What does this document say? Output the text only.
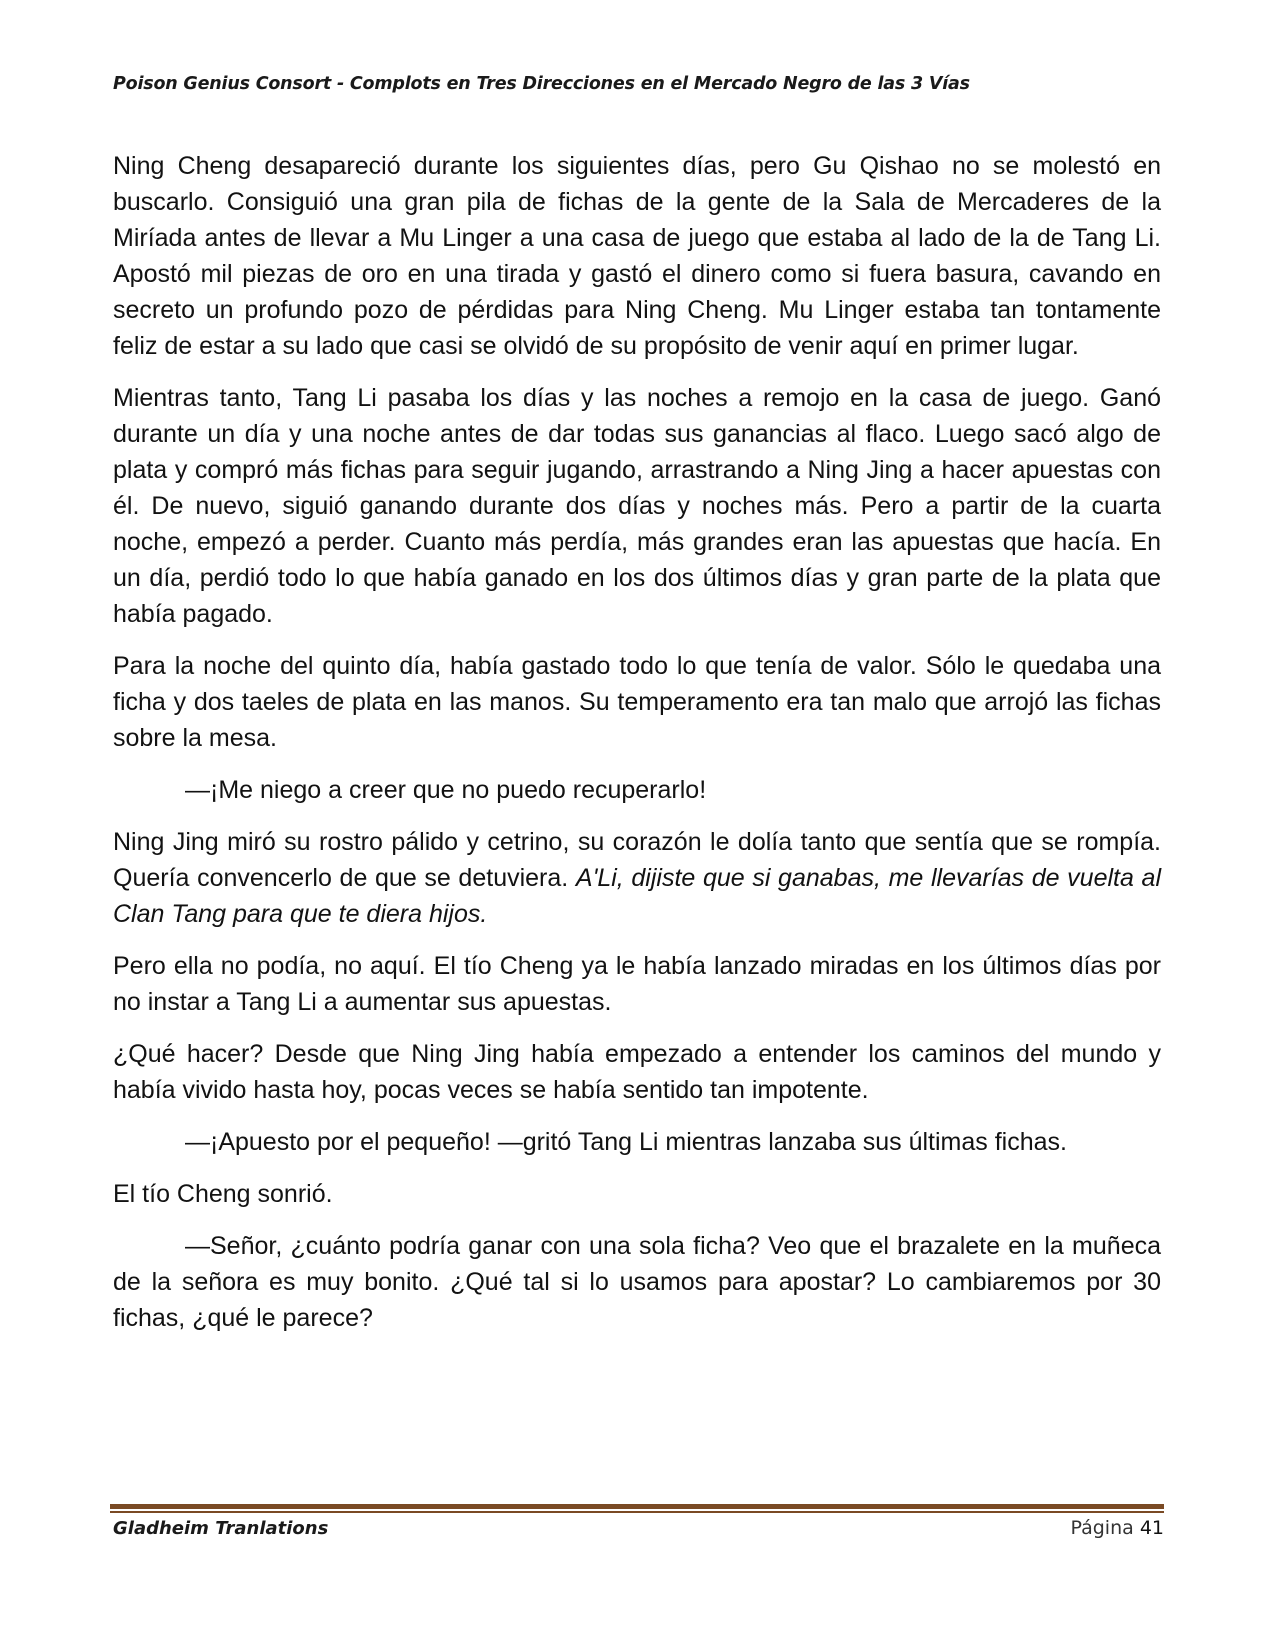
Poison Genius Consort - Complots en Tres Direcciones en el Mercado Negro de las 3 Vías

Ning Cheng desapareció durante los siguientes días, pero Gu Qishao no se molestó en buscarlo. Consiguió una gran pila de fichas de la gente de la Sala de Mercaderes de la Miríada antes de llevar a Mu Linger a una casa de juego que estaba al lado de la de Tang Li. Apostó mil piezas de oro en una tirada y gastó el dinero como si fuera basura, cavando en secreto un profundo pozo de pérdidas para Ning Cheng. Mu Linger estaba tan tontamente feliz de estar a su lado que casi se olvidó de su propósito de venir aquí en primer lugar.

Mientras tanto, Tang Li pasaba los días y las noches a remojo en la casa de juego. Ganó durante un día y una noche antes de dar todas sus ganancias al flaco. Luego sacó algo de plata y compró más fichas para seguir jugando, arrastrando a Ning Jing a hacer apuestas con él. De nuevo, siguió ganando durante dos días y noches más. Pero a partir de la cuarta noche, empezó a perder. Cuanto más perdía, más grandes eran las apuestas que hacía. En un día, perdió todo lo que había ganado en los dos últimos días y gran parte de la plata que había pagado.

Para la noche del quinto día, había gastado todo lo que tenía de valor. Sólo le quedaba una ficha y dos taeles de plata en las manos. Su temperamento era tan malo que arrojó las fichas sobre la mesa.

—¡Me niego a creer que no puedo recuperarlo!

Ning Jing miró su rostro pálido y cetrino, su corazón le dolía tanto que sentía que se rompía. Quería convencerlo de que se detuviera. A'Li, dijiste que si ganabas, me llevarías de vuelta al Clan Tang para que te diera hijos.

Pero ella no podía, no aquí. El tío Cheng ya le había lanzado miradas en los últimos días por no instar a Tang Li a aumentar sus apuestas.

¿Qué hacer? Desde que Ning Jing había empezado a entender los caminos del mundo y había vivido hasta hoy, pocas veces se había sentido tan impotente.

—¡Apuesto por el pequeño! —gritó Tang Li mientras lanzaba sus últimas fichas.

El tío Cheng sonrió.

—Señor, ¿cuánto podría ganar con una sola ficha? Veo que el brazalete en la muñeca de la señora es muy bonito. ¿Qué tal si lo usamos para apostar? Lo cambiaremos por 30 fichas, ¿qué le parece?

Gladheim Tranlations	Página 41
